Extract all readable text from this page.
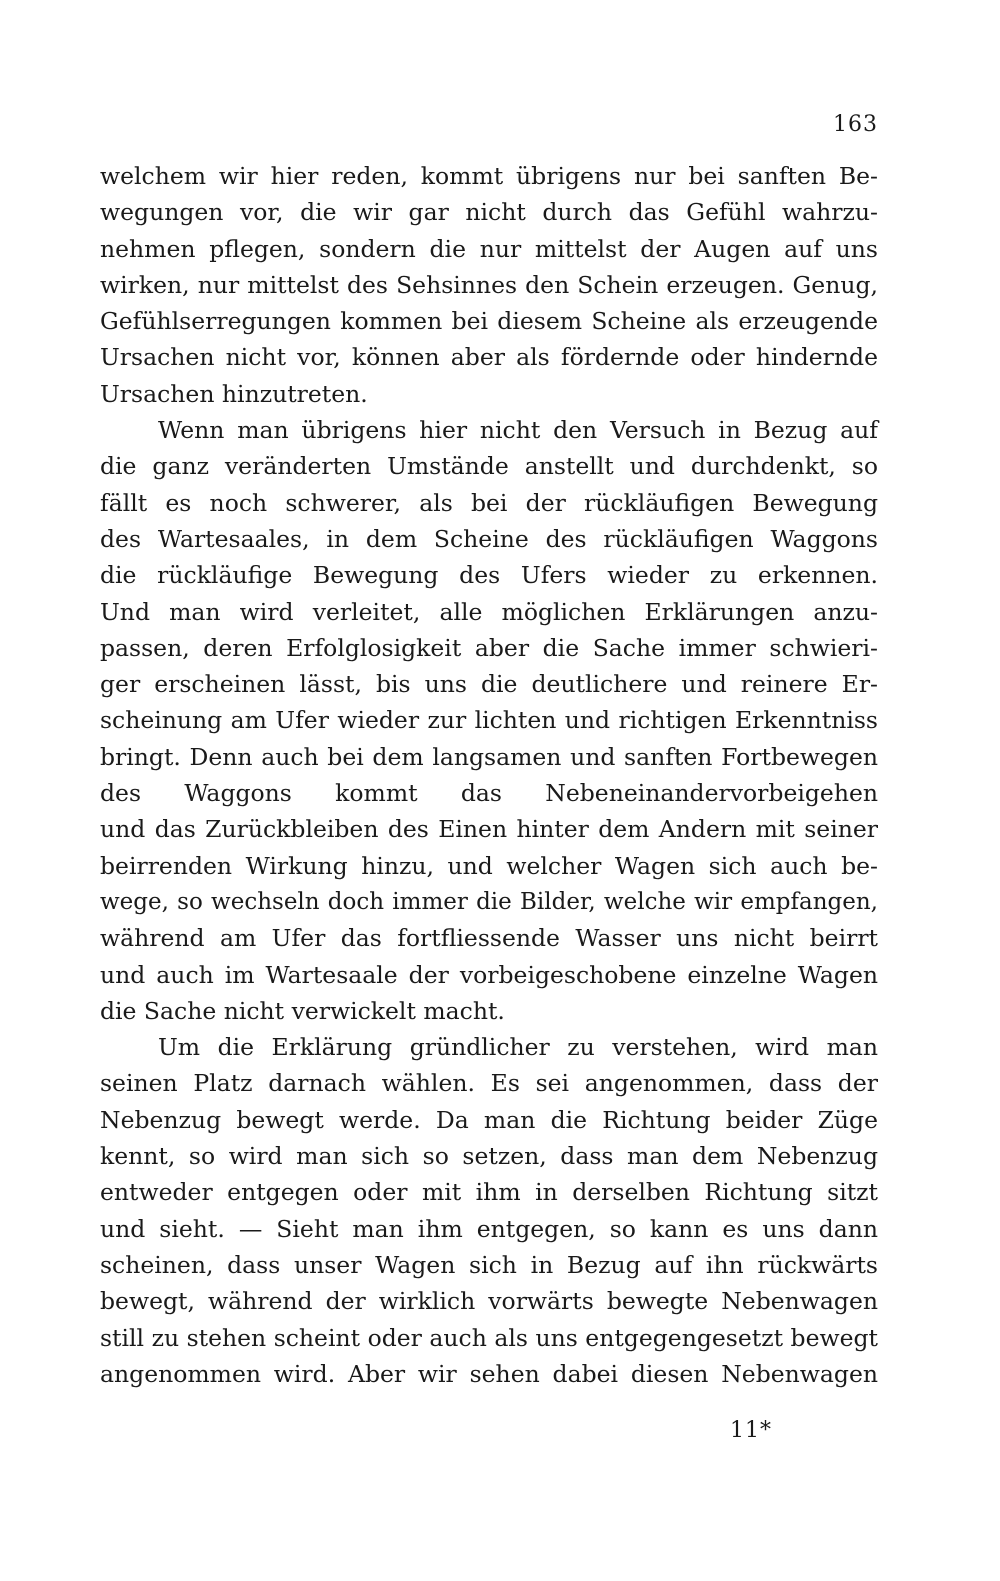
163
welchem wir hier reden, kommt übrigens nur bei sanften Be-
wegungen vor, die wir gar nicht durch das Gefühl wahrzu-
nehmen pflegen, sondern die nur mittelst der Augen auf uns
wirken, nur mittelst des Sehsinnes den Schein erzeugen. Genug,
Gefühlserregungen kommen bei diesem Scheine als erzeugende
Ursachen nicht vor, können aber als fördernde oder hindernde
Ursachen hinzutreten.
Wenn man übrigens hier nicht den Versuch in Bezug auf
die ganz veränderten Umstände anstellt und durchdenkt, so
fällt es noch schwerer, als bei der rückläufigen Bewegung
des Wartesaales, in dem Scheine des rückläufigen Waggons
die rückläufige Bewegung des Ufers wieder zu erkennen.
Und man wird verleitet, alle möglichen Erklärungen anzu-
passen, deren Erfolglosigkeit aber die Sache immer schwieri-
ger erscheinen lässt, bis uns die deutlichere und reinere Er-
scheinung am Ufer wieder zur lichten und richtigen Erkenntniss
bringt. Denn auch bei dem langsamen und sanften Fortbewegen
des Waggons kommt das Nebeneinandervorbeigehen
und das Zurückbleiben des Einen hinter dem Andern mit seiner
beirrenden Wirkung hinzu, und welcher Wagen sich auch be-
wege, so wechseln doch immer die Bilder, welche wir empfangen,
während am Ufer das fortfliessende Wasser uns nicht beirrt
und auch im Wartesaale der vorbeigeschobene einzelne Wagen
die Sache nicht verwickelt macht.
Um die Erklärung gründlicher zu verstehen, wird man
seinen Platz darnach wählen. Es sei angenommen, dass der
Nebenzug bewegt werde. Da man die Richtung beider Züge
kennt, so wird man sich so setzen, dass man dem Nebenzug
entweder entgegen oder mit ihm in derselben Richtung sitzt
und sieht. — Sieht man ihm entgegen, so kann es uns dann
scheinen, dass unser Wagen sich in Bezug auf ihn rückwärts
bewegt, während der wirklich vorwärts bewegte Nebenwagen
still zu stehen scheint oder auch als uns entgegengesetzt bewegt
angenommen wird. Aber wir sehen dabei diesen Nebenwagen
11*
